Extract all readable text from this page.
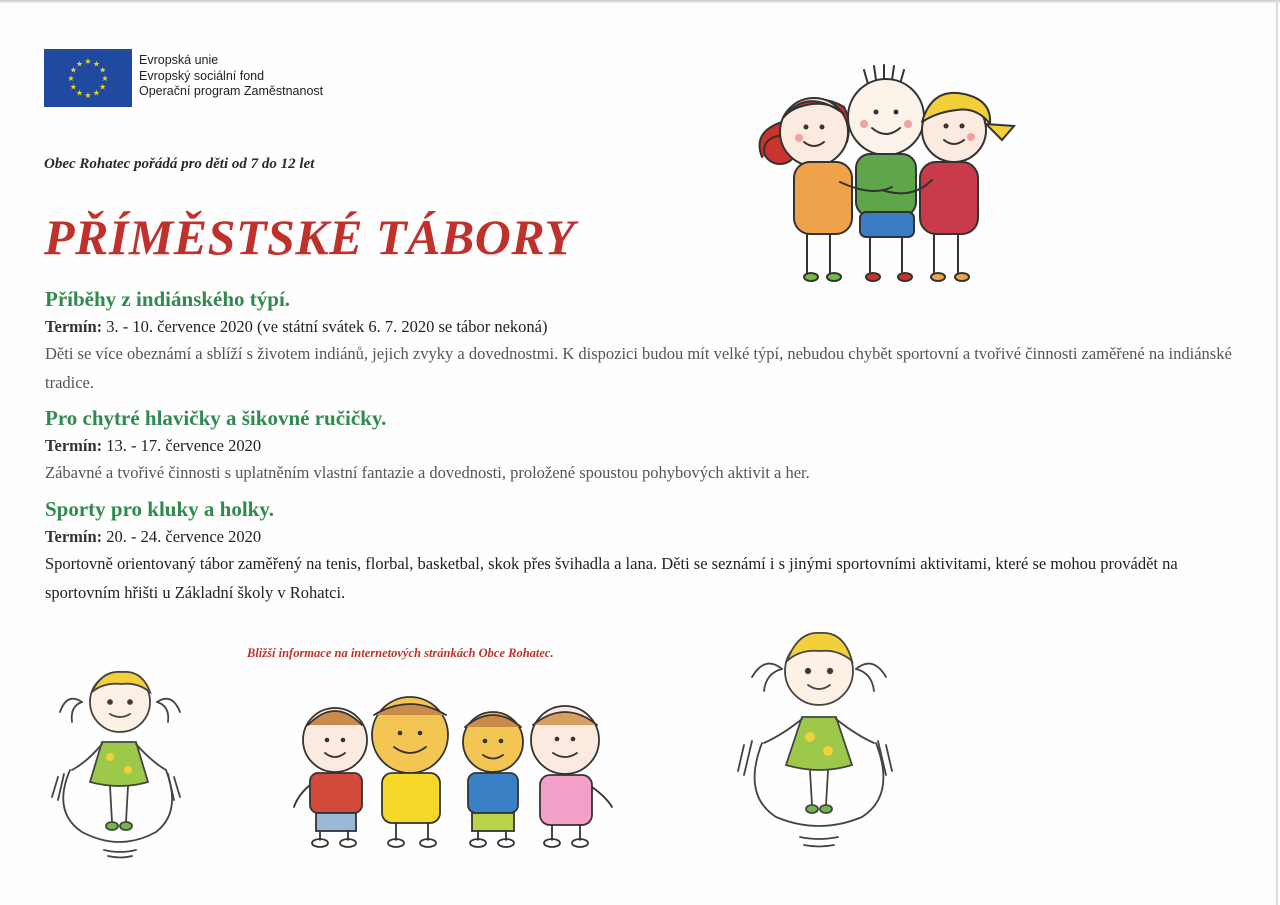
★ ★
★
★
★
★
★
★
★
★
★
★	Evropská unie
Evropský sociální fond
Operační program Zaměstnanost
Obec Rohatec pořádá pro děti od 7 do 12 let
PŘÍMĚSTSKÉ TÁBORY
Příběhy z indiánského týpí.
Termín: 3. - 10. července 2020 (ve státní svátek 6. 7. 2020 se tábor nekoná)
Děti se více obeznámí a sblíží s životem indiánů, jejich zvyky a dovednostmi. K dispozici budou mít velké týpí, nebudou chybět sportovní a tvořivé činnosti zaměřené na indiánské tradice.
Pro chytré hlavičky a šikovné ručičky.
Termín: 13. - 17. července 2020
Zábavné a tvořivé činnosti s uplatněním vlastní fantazie a dovednosti, proložené spoustou pohybových aktivit a her.
Sporty pro kluky a holky.
Termín: 20. - 24. července 2020
Sportovně orientovaný tábor zaměřený na tenis, florbal, basketbal, skok přes švihadla a lana. Děti se seznámí i s jinými sportovními aktivitami, které se mohou provádět na sportovním hřišti u Základní školy v Rohatci.
Bližší informace na internetových stránkách Obce Rohatec.
